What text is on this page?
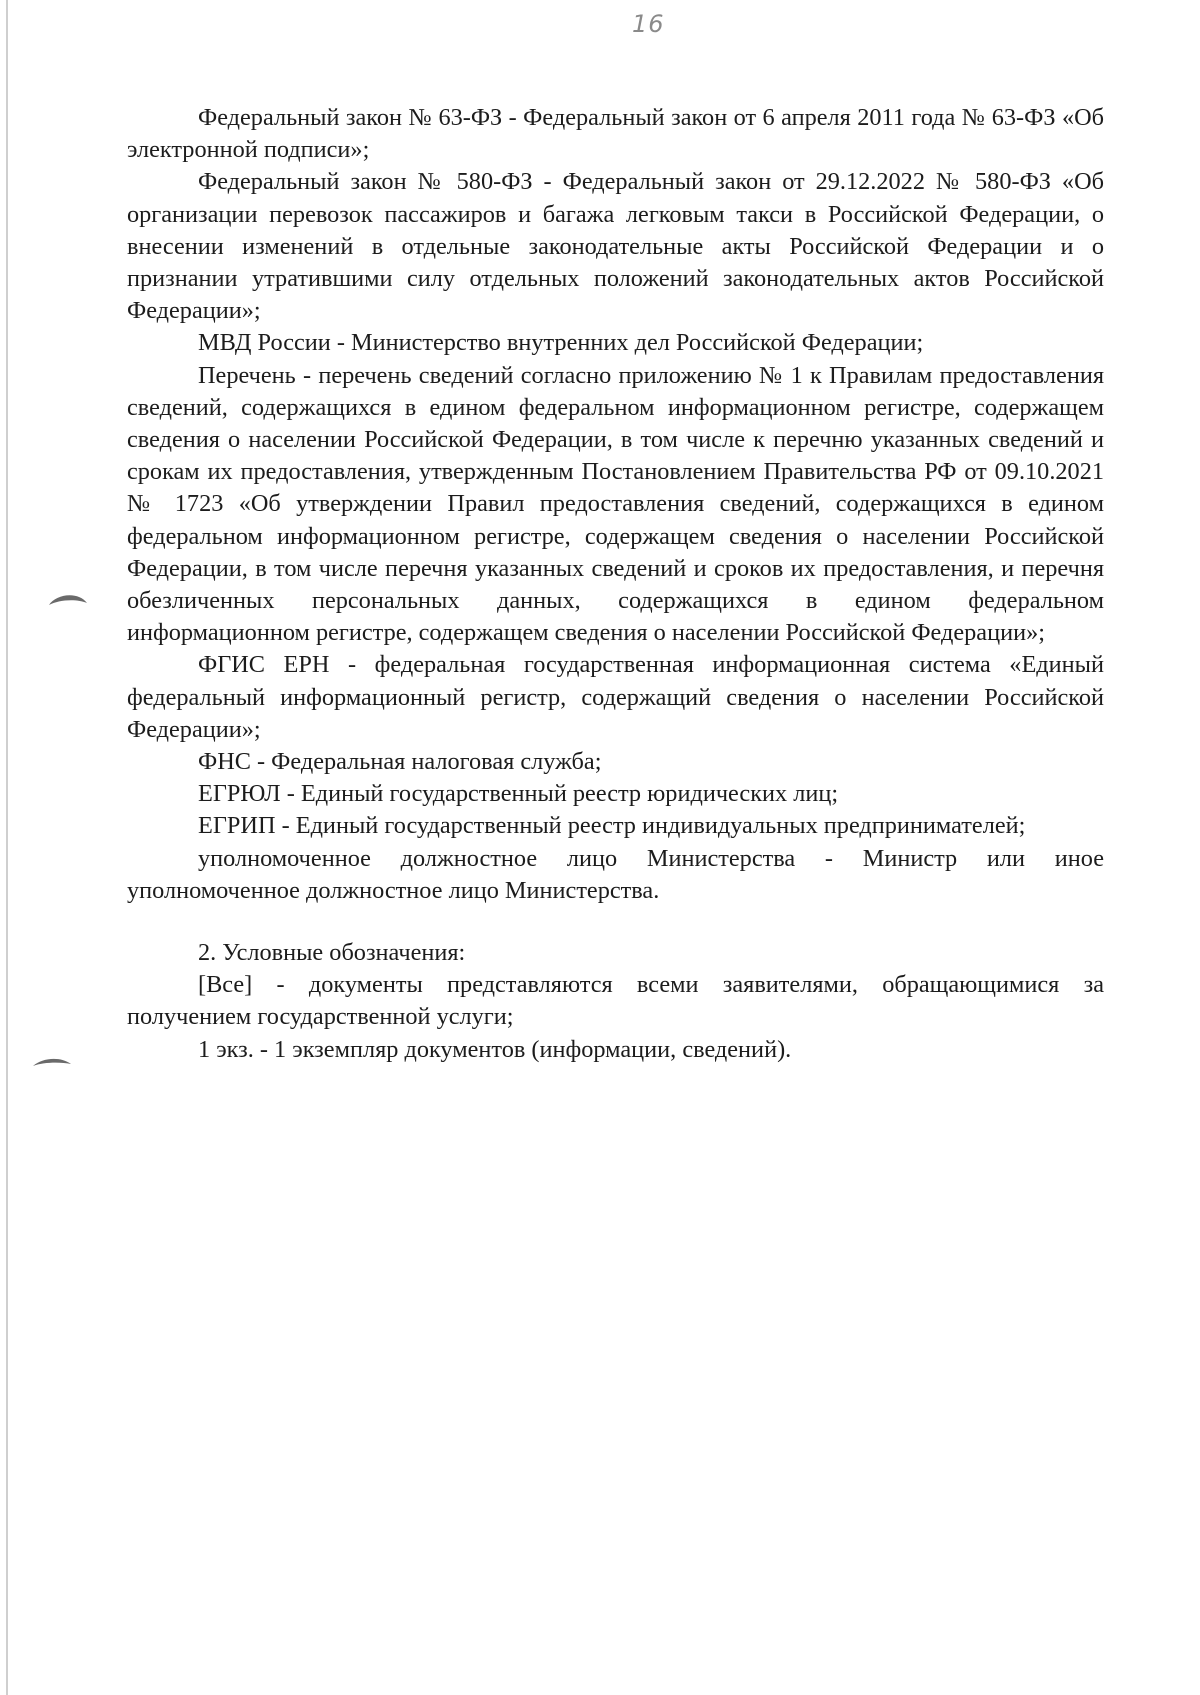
16

Федеральный закон № 63-ФЗ - Федеральный закон от 6 апреля 2011 года № 63-ФЗ «Об электронной подписи»;

Федеральный закон № 580-ФЗ - Федеральный закон от 29.12.2022 № 580-ФЗ «Об организации перевозок пассажиров и багажа легковым такси в Российской Федерации, о внесении изменений в отдельные законодательные акты Российской Федерации и о признании утратившими силу отдельных положений законодательных актов Российской Федерации»;

МВД России - Министерство внутренних дел Российской Федерации;

Перечень - перечень сведений согласно приложению № 1 к Правилам предоставления сведений, содержащихся в едином федеральном информационном регистре, содержащем сведения о населении Российской Федерации, в том числе к перечню указанных сведений и срокам их предоставления, утвержденным Постановлением Правительства РФ от 09.10.2021 № 1723 «Об утверждении Правил предоставления сведений, содержащихся в едином федеральном информационном регистре, содержащем сведения о населении Российской Федерации, в том числе перечня указанных сведений и сроков их предоставления, и перечня обезличенных персональных данных, содержащихся в едином федеральном информационном регистре, содержащем сведения о населении Российской Федерации»;

ФГИС ЕРН - федеральная государственная информационная система «Единый федеральный информационный регистр, содержащий сведения о населении Российской Федерации»;

ФНС - Федеральная налоговая служба;

ЕГРЮЛ - Единый государственный реестр юридических лиц;

ЕГРИП - Единый государственный реестр индивидуальных предпринимателей;

уполномоченное должностное лицо Министерства - Министр или иное уполномоченное должностное лицо Министерства.

2. Условные обозначения:

[Все] - документы представляются всеми заявителями, обращающимися за получением государственной услуги;

1 экз. - 1 экземпляр документов (информации, сведений).
